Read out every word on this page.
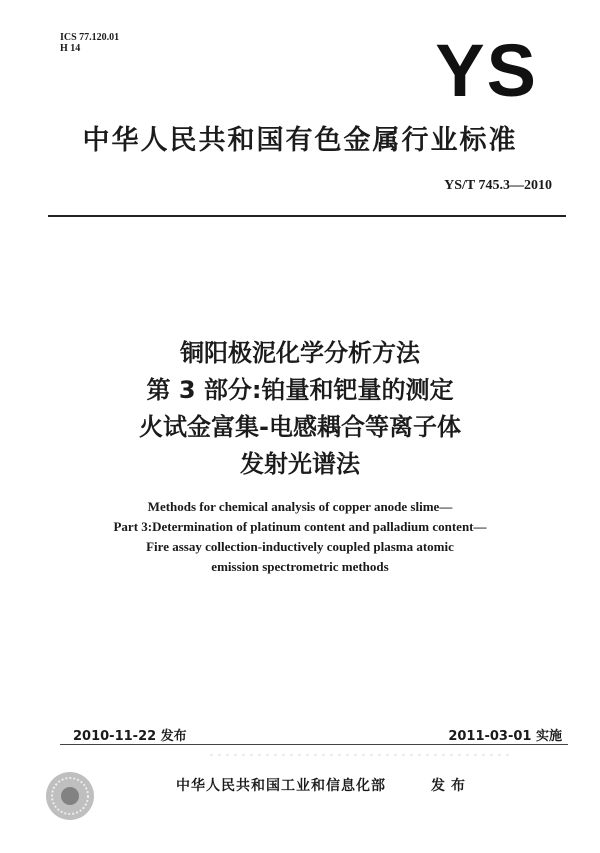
ICS 77.120.01
H 14	YS
中华人民共和国有色金属行业标准
YS/T 745.3—2010
铜阳极泥化学分析方法
第 3 部分:铂量和钯量的测定
火试金富集-电感耦合等离子体
发射光谱法
Methods for chemical analysis of copper anode slime—
Part 3:Determination of platinum content and palladium content—
Fire assay collection-inductively coupled plasma atomic
emission spectrometric methods
2010-11-22 发布	2011-03-01 实施
中华人民共和国工业和信息化部	发布
